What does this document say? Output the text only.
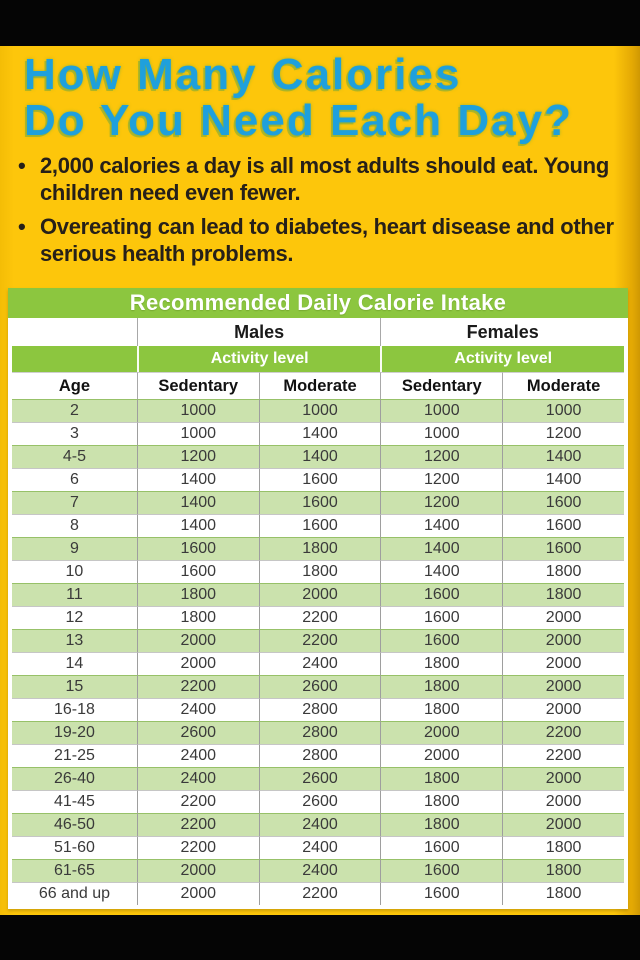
How Many Calories
Do You Need Each Day?
• 2,000 calories a day is all most adults should eat. Young children need even fewer.
• Overeating can lead to diabetes, heart disease and other serious health problems.
Recommended Daily Calorie Intake
	Males		Females	
	Activity level		Activity level	
Age	Sedentary	Moderate	Sedentary	Moderate
2	1000	1000	1000	1000
3	1000	1400	1000	1200
4-5	1200	1400	1200	1400
6	1400	1600	1200	1400
7	1400	1600	1200	1600
8	1400	1600	1400	1600
9	1600	1800	1400	1600
10	1600	1800	1400	1800
11	1800	2000	1600	1800
12	1800	2200	1600	2000
13	2000	2200	1600	2000
14	2000	2400	1800	2000
15	2200	2600	1800	2000
16-18	2400	2800	1800	2000
19-20	2600	2800	2000	2200
21-25	2400	2800	2000	2200
26-40	2400	2600	1800	2000
41-45	2200	2600	1800	2000
46-50	2200	2400	1800	2000
51-60	2200	2400	1600	1800
61-65	2000	2400	1600	1800
66 and up	2000	2200	1600	1800
